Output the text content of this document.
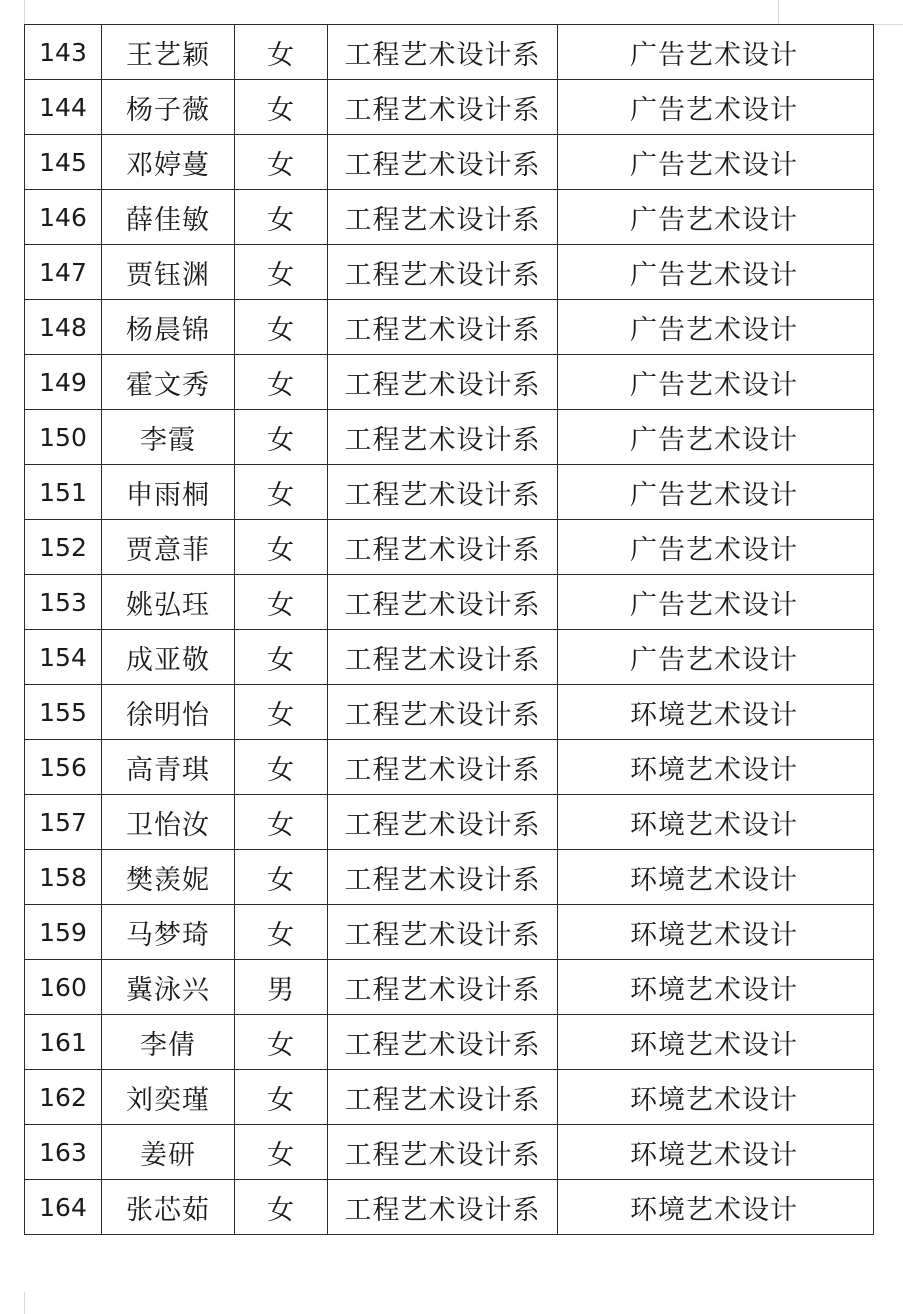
143	王艺颖	女	工程艺术设计系	广告艺术设计
144	杨子薇	女	工程艺术设计系	广告艺术设计
145	邓婷蔓	女	工程艺术设计系	广告艺术设计
146	薛佳敏	女	工程艺术设计系	广告艺术设计
147	贾钰渊	女	工程艺术设计系	广告艺术设计
148	杨晨锦	女	工程艺术设计系	广告艺术设计
149	霍文秀	女	工程艺术设计系	广告艺术设计
150	李霞	女	工程艺术设计系	广告艺术设计
151	申雨桐	女	工程艺术设计系	广告艺术设计
152	贾意菲	女	工程艺术设计系	广告艺术设计
153	姚弘珏	女	工程艺术设计系	广告艺术设计
154	成亚敬	女	工程艺术设计系	广告艺术设计
155	徐明怡	女	工程艺术设计系	环境艺术设计
156	高青琪	女	工程艺术设计系	环境艺术设计
157	卫怡汝	女	工程艺术设计系	环境艺术设计
158	樊羡妮	女	工程艺术设计系	环境艺术设计
159	马梦琦	女	工程艺术设计系	环境艺术设计
160	冀泳兴	男	工程艺术设计系	环境艺术设计
161	李倩	女	工程艺术设计系	环境艺术设计
162	刘奕瑾	女	工程艺术设计系	环境艺术设计
163	姜研	女	工程艺术设计系	环境艺术设计
164	张芯茹	女	工程艺术设计系	环境艺术设计
